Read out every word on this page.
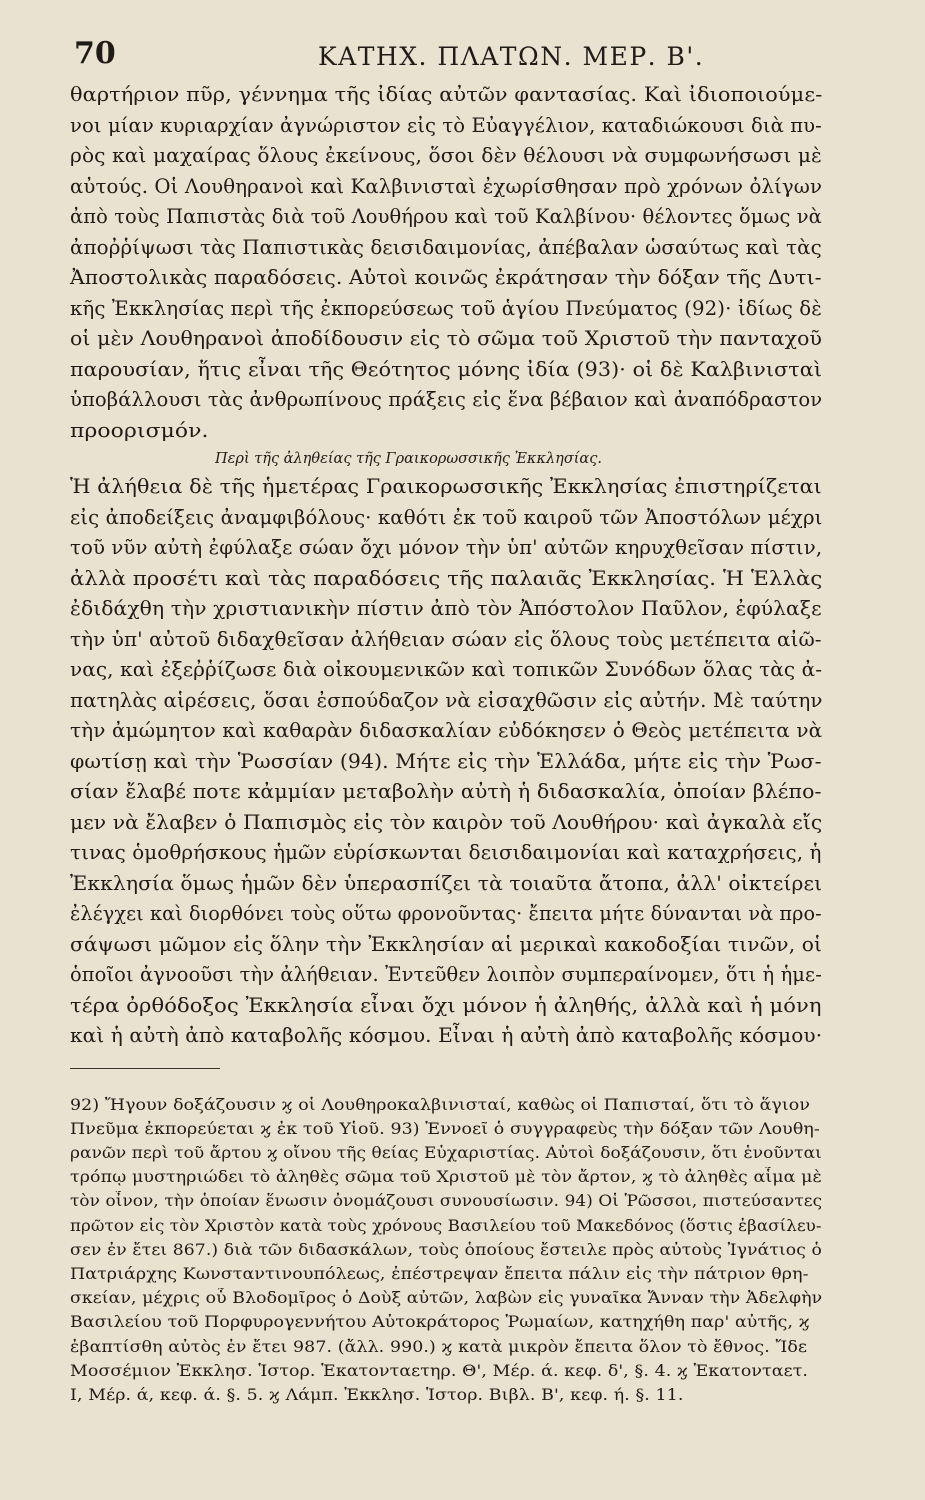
70	ΚΑΤΗΧ. ΠΛΑΤΩΝ. ΜΕΡ. Β'.
θαρτήριον πῦρ, γέννημα τῆς ἰδίας αὐτῶν φαντασίας. Καὶ ἰδιοποιούμε-
νοι μίαν κυριαρχίαν ἀγνώριστον εἰς τὸ Εὐαγγέλιον, καταδιώκουσι διὰ πυ-
ρὸς καὶ μαχαίρας ὅλους ἐκείνους, ὅσοι δὲν θέλουσι νὰ συμφωνήσωσι μὲ
αὐτούς. Οἱ Λουθηρανοὶ καὶ Καλβινισταὶ ἐχωρίσθησαν πρὸ χρόνων ὀλίγων
ἀπὸ τοὺς Παπιστὰς διὰ τοῦ Λουθήρου καὶ τοῦ Καλβίνου· θέλοντες ὅμως νὰ
ἀποῤῥίψωσι τὰς Παπιστικὰς δεισιδαιμονίας, ἀπέβαλαν ὡσαύτως καὶ τὰς
Ἀποστολικὰς παραδόσεις. Αὐτοὶ κοινῶς ἐκράτησαν τὴν δόξαν τῆς Δυτι-
κῆς Ἐκκλησίας περὶ τῆς ἐκπορεύσεως τοῦ ἁγίου Πνεύματος (92)· ἰδίως δὲ
οἱ μὲν Λουθηρανοὶ ἀποδίδουσιν εἰς τὸ σῶμα τοῦ Χριστοῦ τὴν πανταχοῦ
παρουσίαν, ἥτις εἶναι τῆς Θεότητος μόνης ἰδία (93)· οἱ δὲ Καλβινισταὶ
ὑποβάλλουσι τὰς ἀνθρωπίνους πράξεις εἰς ἕνα βέβαιον καὶ ἀναπόδραστον
προορισμόν.
Περὶ τῆς ἀληθείας τῆς Γραικορωσσικῆς Ἐκκλησίας.
Ἡ ἀλήθεια δὲ τῆς ἡμετέρας Γραικορωσσικῆς Ἐκκλησίας ἐπιστηρίζεται
εἰς ἀποδείξεις ἀναμφιβόλους· καθότι ἐκ τοῦ καιροῦ τῶν Ἀποστόλων μέχρι
τοῦ νῦν αὐτὴ ἐφύλαξε σώαν ὄχι μόνον τὴν ὑπ' αὐτῶν κηρυχθεῖσαν πίστιν,
ἀλλὰ προσέτι καὶ τὰς παραδόσεις τῆς παλαιᾶς Ἐκκλησίας. Ἡ Ἑλλὰς
ἐδιδάχθη τὴν χριστιανικὴν πίστιν ἀπὸ τὸν Ἀπόστολον Παῦλον, ἐφύλαξε
τὴν ὑπ' αὐτοῦ διδαχθεῖσαν ἀλήθειαν σώαν εἰς ὅλους τοὺς μετέπειτα αἰῶ-
νας, καὶ ἐξεῤῥίζωσε διὰ οἰκουμενικῶν καὶ τοπικῶν Συνόδων ὅλας τὰς ἀ-
πατηλὰς αἱρέσεις, ὅσαι ἐσπούδαζον νὰ εἰσαχθῶσιν εἰς αὐτήν. Μὲ ταύτην
τὴν ἀμώμητον καὶ καθαρὰν διδασκαλίαν εὐδόκησεν ὁ Θεὸς μετέπειτα νὰ
φωτίσῃ καὶ τὴν Ῥωσσίαν (94). Μήτε εἰς τὴν Ἑλλάδα, μήτε εἰς τὴν Ῥωσ-
σίαν ἔλαβέ ποτε κἀμμίαν μεταβολὴν αὐτὴ ἡ διδασκαλία, ὁποίαν βλέπο-
μεν νὰ ἔλαβεν ὁ Παπισμὸς εἰς τὸν καιρὸν τοῦ Λουθήρου· καὶ ἀγκαλὰ εἴς
τινας ὁμοθρήσκους ἡμῶν εὑρίσκωνται δεισιδαιμονίαι καὶ καταχρήσεις, ἡ
Ἐκκλησία ὅμως ἡμῶν δὲν ὑπερασπίζει τὰ τοιαῦτα ἄτοπα, ἀλλ' οἰκτείρει
ἐλέγχει καὶ διορθόνει τοὺς οὕτω φρονοῦντας· ἔπειτα μήτε δύνανται νὰ προ-
σάψωσι μῶμον εἰς ὅλην τὴν Ἐκκλησίαν αἱ μερικαὶ κακοδοξίαι τινῶν, οἱ
ὁποῖοι ἀγνοοῦσι τὴν ἀλήθειαν. Ἐντεῦθεν λοιπὸν συμπεραίνομεν, ὅτι ἡ ἡμε-
τέρα ὀρθόδοξος Ἐκκλησία εἶναι ὄχι μόνον ἡ ἀληθής, ἀλλὰ καὶ ἡ μόνη
καὶ ἡ αὐτὴ ἀπὸ καταβολῆς κόσμου. Εἶναι ἡ αὐτὴ ἀπὸ καταβολῆς κόσμου·
92) Ἤγουν δοξάζουσιν ϗ οἱ Λουθηροκαλβινισταί, καθὼς οἱ Παπισταί, ὅτι τὸ ἅγιον
Πνεῦμα ἐκπορεύεται ϗ ἐκ τοῦ Υἱοῦ. 93) Ἐννοεῖ ὁ συγγραφεὺς τὴν δόξαν τῶν Λουθη-
ρανῶν περὶ τοῦ ἄρτου ϗ οἴνου τῆς θείας Εὐχαριστίας. Αὐτοὶ δοξάζουσιν, ὅτι ἑνοῦνται
τρόπῳ μυστηριώδει τὸ ἀληθὲς σῶμα τοῦ Χριστοῦ μὲ τὸν ἄρτον, ϗ τὸ ἀληθὲς αἷμα μὲ
τὸν οἶνον, τὴν ὁποίαν ἕνωσιν ὀνομάζουσι συνουσίωσιν. 94) Οἱ Ῥῶσσοι, πιστεύσαντες
πρῶτον εἰς τὸν Χριστὸν κατὰ τοὺς χρόνους Βασιλείου τοῦ Μακεδόνος (ὅστις ἐβασίλευ-
σεν ἐν ἔτει 867.) διὰ τῶν διδασκάλων, τοὺς ὁποίους ἔστειλε πρὸς αὐτοὺς Ἰγνάτιος ὁ
Πατριάρχης Κωνσταντινουπόλεως, ἐπέστρεψαν ἔπειτα πάλιν εἰς τὴν πάτριον θρη-
σκείαν, μέχρις οὗ Βλοδομῖρος ὁ Δοὺξ αὐτῶν, λαβὼν εἰς γυναῖκα Ἄνναν τὴν Ἀδελφὴν
Βασιλείου τοῦ Πορφυρογεννήτου Αὐτοκράτορος Ῥωμαίων, κατηχήθη παρ' αὐτῆς, ϗ
ἐβαπτίσθη αὐτὸς ἐν ἔτει 987. (ἄλλ. 990.) ϗ κατὰ μικρὸν ἔπειτα ὅλον τὸ ἔθνος. Ἴδε
Μοσσέμιον Ἐκκλησ. Ἱστορ. Ἑκατονταετηρ. Θ', Μέρ. ά. κεφ. δ', §. 4. ϗ Ἑκατονταετ.
Ι, Μέρ. ά, κεφ. ά. §. 5. ϗ Λάμπ. Ἐκκλησ. Ἱστορ. Βιβλ. Β', κεφ. ή. §. 11.
